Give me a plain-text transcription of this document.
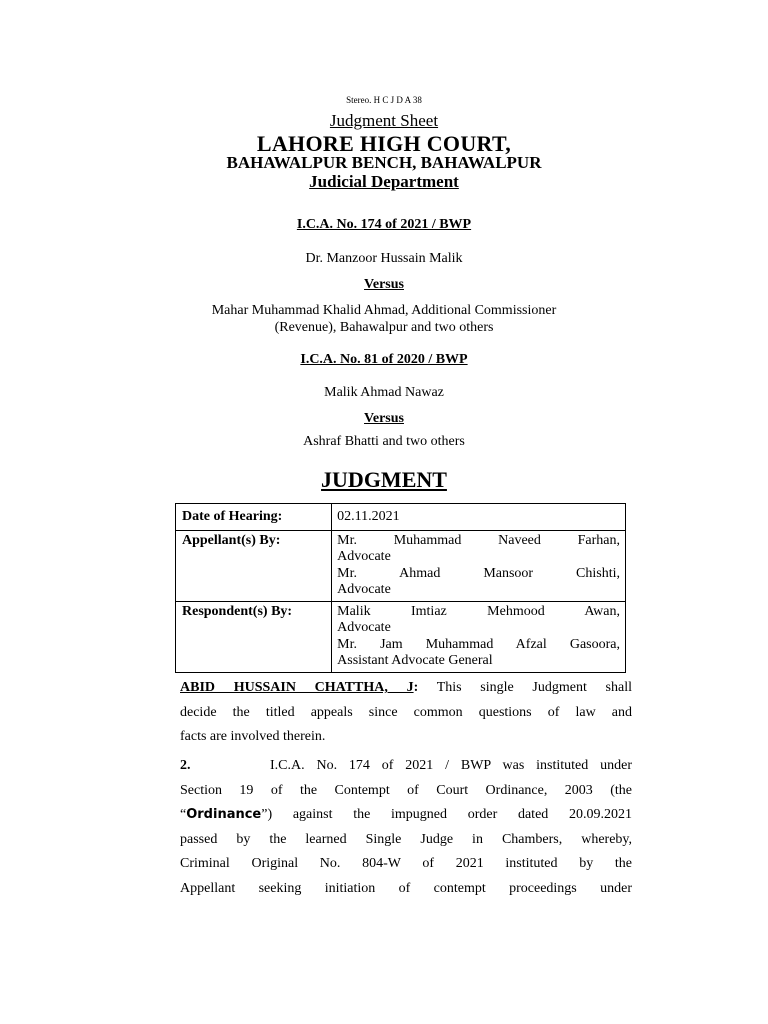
Stereo. H C J D A 38
Judgment Sheet
LAHORE HIGH COURT,
BAHAWALPUR BENCH, BAHAWALPUR
Judicial Department
I.C.A. No. 174 of 2021 / BWP
Dr. Manzoor Hussain Malik
Versus
Mahar Muhammad Khalid Ahmad, Additional Commissioner
(Revenue), Bahawalpur and two others
I.C.A. No. 81 of 2020 / BWP
Malik Ahmad Nawaz
Versus
Ashraf Bhatti and two others
JUDGMENT
Date of Hearing:	02.11.2021
Appellant(s) By:	Mr. Muhammad Naveed Farhan,
Advocate
Mr. Ahmad Mansoor Chishti,
Advocate

Respondent(s) By:	Malik Imtiaz Mehmood Awan,
Advocate
Mr. Jam Muhammad Afzal Gasoora,
Assistant Advocate General
ABID HUSSAIN CHATTHA, J: This single Judgment shall
decide the titled appeals since common questions of law and
facts are involved therein.
2.	I.C.A. No. 174 of 2021 / BWP was instituted under
Section 19 of the Contempt of Court Ordinance, 2003 (the
“Ordinance”) against the impugned order dated 20.09.2021
passed by the learned Single Judge in Chambers, whereby,
Criminal Original No. 804-W of 2021 instituted by the
Appellant seeking initiation of contempt proceedings under
